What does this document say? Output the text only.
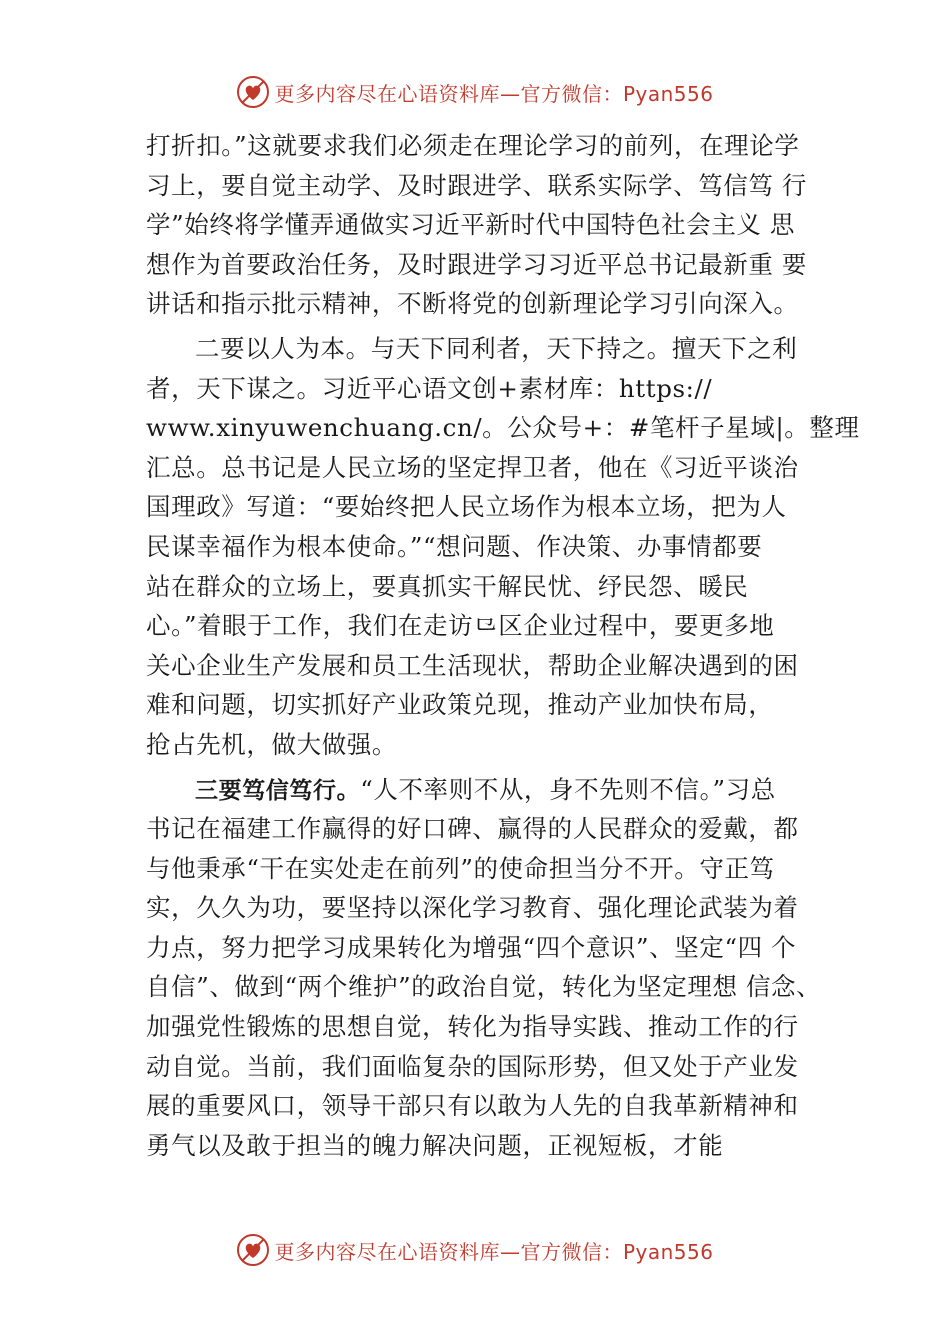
更多内容尽在心语资料库—官方微信：Pyan556
打折扣。”这就要求我们必须走在理论学习的前列，在理论学
习上，要自觉主动学、及时跟进学、联系实际学、笃信笃 行
学”始终将学懂弄通做实习近平新时代中国特色社会主义 思
想作为首要政治任务，及时跟进学习习近平总书记最新重 要
讲话和指示批示精神，不断将党的创新理论学习引向深入。
二要以人为本。与天下同利者，天下持之。擅天下之利
者，天下谋之。习近平心语文创+素材库：https://
www.xinyuwenchuang.cn/。公众号+：#笔杆子星域|。整理
汇总。总书记是人民立场的坚定捍卫者，他在《习近平谈治
国理政》写道：“要始终把人民立场作为根本立场，把为人
民谋幸福作为根本使命。”“想问题、作决策、办事情都要
站在群众的立场上，要真抓实干解民忧、纾民怨、暖民
心。”着眼于工作，我们在走访⺋区企业过程中，要更多地
关心企业生产发展和员工生活现状，帮助企业解决遇到的困
难和问题，切实抓好产业政策兑现，推动产业加快布局，
抢占先机，做大做强。
三要笃信笃行。“人不率则不从，身不先则不信。”习总
书记在福建工作赢得的好口碑、赢得的人民群众的爱戴，都
与他秉承“干在实处走在前列”的使命担当分不开。守正笃
实，久久为功，要坚持以深化学习教育、强化理论武装为着
力点，努力把学习成果转化为增强“四个意识”、坚定“四 个
自信”、做到“两个维护”的政治自觉，转化为坚定理想 信念、
加强党性锻炼的思想自觉，转化为指导实践、推动工作的行
动自觉。当前，我们面临复杂的国际形势，但又处于产业发
展的重要风口，领导干部只有以敢为人先的自我革新精神和
勇气以及敢于担当的魄力解决问题，正视短板，才能
更多内容尽在心语资料库—官方微信：Pyan556
